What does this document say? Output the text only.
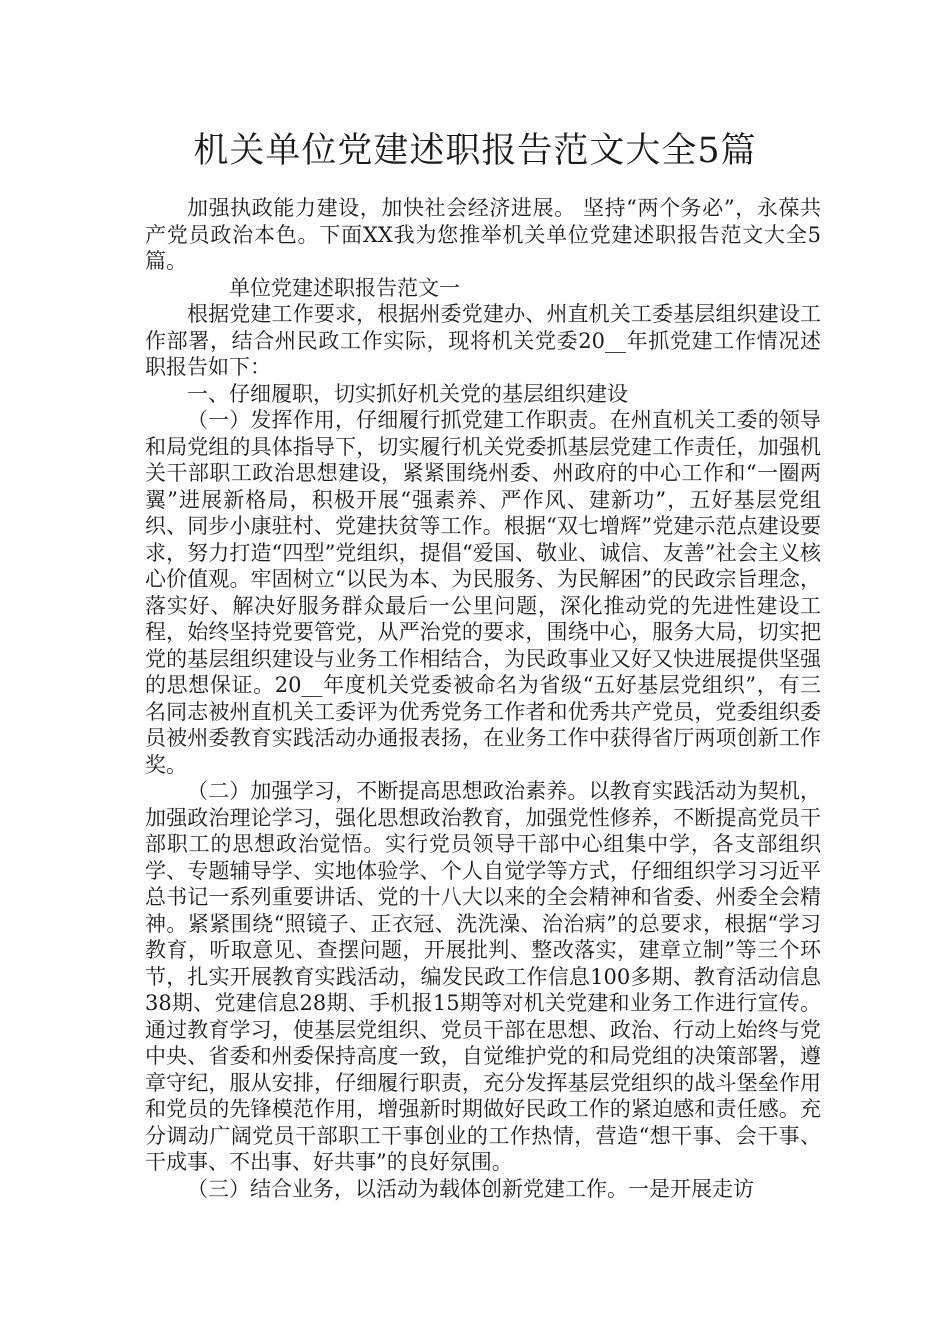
机关单位党建述职报告范文大全5篇

加强执政能力建设，加快社会经济进展。 坚持“两个务必”，永葆共产党员政治本色。下面XX我为您推举机关单位党建述职报告范文大全5篇。

单位党建述职报告范文一

根据党建工作要求，根据州委党建办、州直机关工委基层组织建设工作部署，结合州民政工作实际，现将机关党委20__年抓党建工作情况述职报告如下：

一、仔细履职，切实抓好机关党的基层组织建设

（一）发挥作用，仔细履行抓党建工作职责。在州直机关工委的领导和局党组的具体指导下，切实履行机关党委抓基层党建工作责任，加强机关干部职工政治思想建设，紧紧围绕州委、州政府的中心工作和“一圈两翼”进展新格局，积极开展“强素养、严作风、建新功”，五好基层党组织、同步小康驻村、党建扶贫等工作。根据“双七增辉”党建示范点建设要求，努力打造“四型”党组织，提倡“爱国、敬业、诚信、友善”社会主义核心价值观。牢固树立“以民为本、为民服务、为民解困”的民政宗旨理念，落实好、解决好服务群众最后一公里问题，深化推动党的先进性建设工程，始终坚持党要管党，从严治党的要求，围绕中心，服务大局，切实把党的基层组织建设与业务工作相结合，为民政事业又好又快进展提供坚强的思想保证。20__年度机关党委被命名为省级“五好基层党组织”，有三名同志被州直机关工委评为优秀党务工作者和优秀共产党员，党委组织委员被州委教育实践活动办通报表扬，在业务工作中获得省厅两项创新工作奖。

（二）加强学习，不断提高思想政治素养。以教育实践活动为契机，加强政治理论学习，强化思想政治教育，加强党性修养，不断提高党员干部职工的思想政治觉悟。实行党员领导干部中心组集中学，各支部组织学、专题辅导学、实地体验学、个人自觉学等方式，仔细组织学习习近平总书记一系列重要讲话、党的十八大以来的全会精神和省委、州委全会精神。紧紧围绕“照镜子、正衣冠、洗洗澡、治治病”的总要求，根据“学习教育，听取意见、查摆问题，开展批判、整改落实，建章立制”等三个环节，扎实开展教育实践活动，编发民政工作信息100多期、教育活动信息38期、党建信息28期、手机报15期等对机关党建和业务工作进行宣传。通过教育学习，使基层党组织、党员干部在思想、政治、行动上始终与党中央、省委和州委保持高度一致，自觉维护党的和局党组的决策部署，遵章守纪，服从安排，仔细履行职责，充分发挥基层党组织的战斗堡垒作用和党员的先锋模范作用，增强新时期做好民政工作的紧迫感和责任感。充分调动广阔党员干部职工干事创业的工作热情，营造“想干事、会干事、干成事、不出事、好共事”的良好氛围。

（三）结合业务，以活动为载体创新党建工作。一是开展走访
